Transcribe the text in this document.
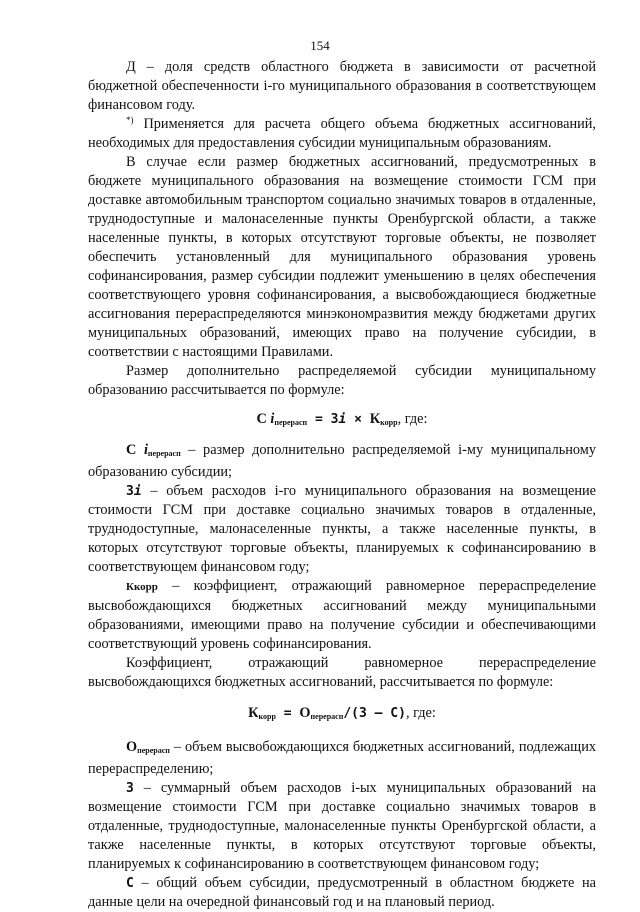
154

Д – доля средств областного бюджета в зависимости от расчетной бюджетной обеспеченности i-го муниципального образования в соответствующем финансовом году.

*) Применяется для расчета общего объема бюджетных ассигнований, необходимых для предоставления субсидии муниципальным образованиям.

В случае если размер бюджетных ассигнований, предусмотренных в бюджете муниципального образования на возмещение стоимости ГСМ при доставке автомобильным транспортом социально значимых товаров в отдаленные, труднодоступные и малонаселенные пункты Оренбургской области, а также населенные пункты, в которых отсутствуют торговые объекты, не позволяет обеспечить установленный для муниципального образования уровень софинансирования, размер субсидии подлежит уменьшению в целях обеспечения соответствующего уровня софинансирования, а высвобождающиеся бюджетные ассигнования перераспределяются минэкономразвития между бюджетами других муниципальных образований, имеющих право на получение субсидии, в соответствии с настоящими Правилами.

Размер дополнительно распределяемой субсидии муниципальному образованию рассчитывается по формуле:

C $i_{перерасп}$ = Зi × $К_{корр}$, где:

C $i_{перерасп}$ – размер дополнительно распределяемой i-му муниципальному образованию субсидии;

Зi – объем расходов i-го муниципального образования на возмещение стоимости ГСМ при доставке социально значимых товаров в отдаленные, труднодоступные, малонаселенные пункты, а также населенные пункты, в которых отсутствуют торговые объекты, планируемых к софинансированию в соответствующем финансовом году;

Ккорр – коэффициент, отражающий равномерное перераспределение высвобождающихся бюджетных ассигнований между муниципальными образованиями, имеющими право на получение субсидии и обеспечивающими соответствующий уровень софинансирования.

Коэффициент, отражающий равномерное перераспределение высвобождающихся бюджетных ассигнований, рассчитывается по формуле:

$К_{корр} = О_{перерасп}/(З - С)$, где:

$О_{перерасп}$ – объем высвобождающихся бюджетных ассигнований, подлежащих перераспределению;

З – суммарный объем расходов i-ых муниципальных образований на возмещение стоимости ГСМ при доставке социально значимых товаров в отдаленные, труднодоступные, малонаселенные пункты Оренбургской области, а также населенные пункты, в которых отсутствуют торговые объекты, планируемых к софинансированию в соответствующем финансовом году;

С – общий объем субсидии, предусмотренный в областном бюджете на данные цели на очередной финансовый год и на плановый период.
